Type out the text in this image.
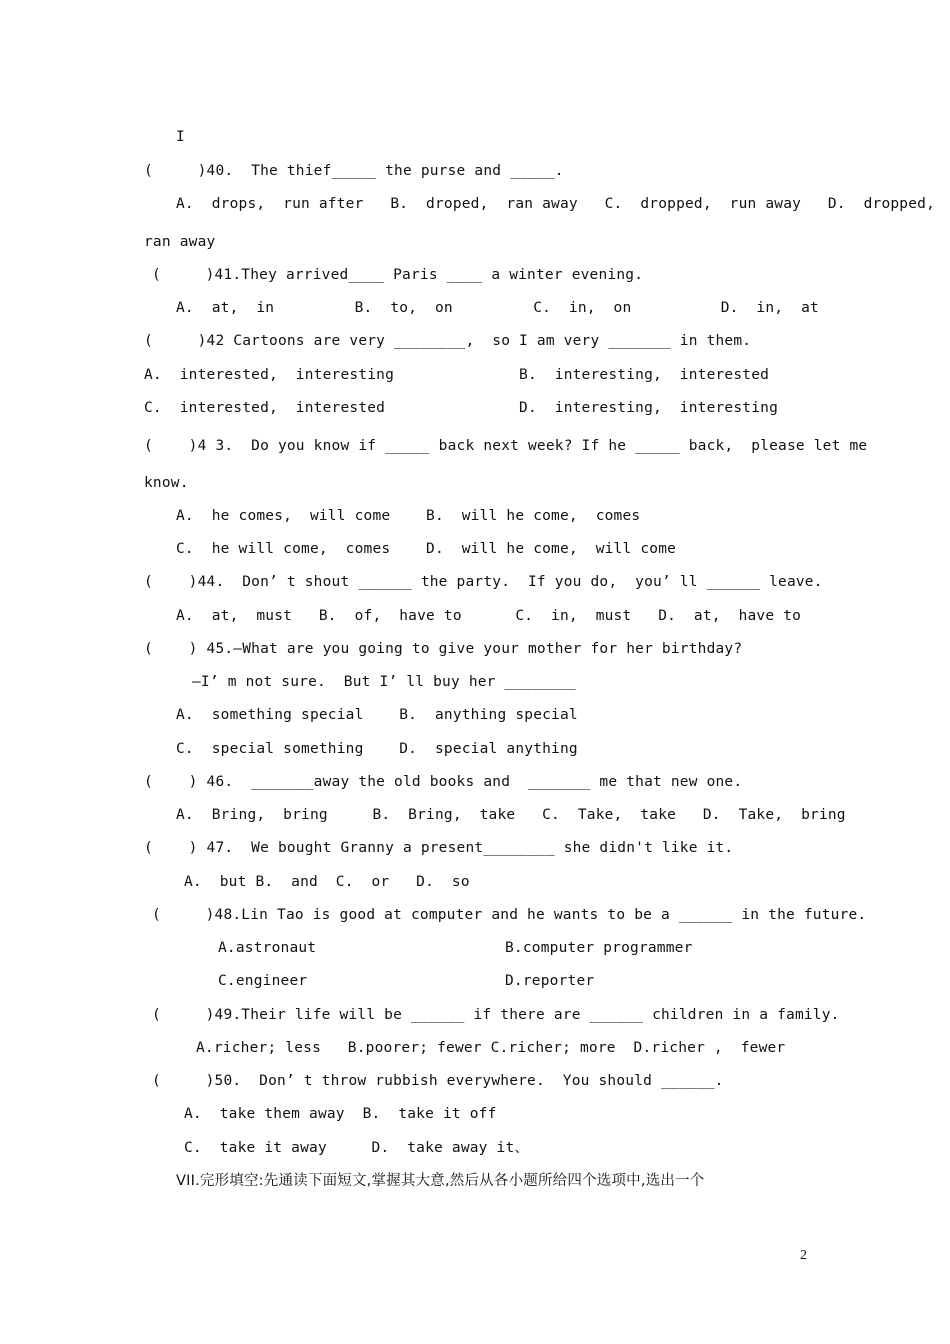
I
(     )40.  The thief_____ the purse and _____.
A.  drops,  run after   B.  droped,  ran away   C.  dropped,  run away   D.  dropped,
ran away
(     )41.They arrived____ Paris ____ a winter evening.
A.  at,  in         B.  to,  on         C.  in,  on          D.  in,  at
(     )42 Cartoons are very ________,  so I am very _______ in them.
A.  interested,  interesting              B.  interesting,  interested
C.  interested,  interested               D.  interesting,  interesting
(    )4 3.  Do you know if _____ back next week? If he _____ back,  please let me
know.
A.  he comes,  will come    B.  will he come,  comes
C.  he will come,  comes    D.  will he come,  will come
(    )44.  Don’ t shout ______ the party.  If you do,  you’ ll ______ leave.
A.  at,  must   B.  of,  have to      C.  in,  must   D.  at,  have to
(    ) 45.—What are you going to give your mother for her birthday?
—I’ m not sure.  But I’ ll buy her ________
A.  something special    B.  anything special
C.  special something    D.  special anything
(    ) 46.  _______away the old books and  _______ me that new one.
A.  Bring,  bring     B.  Bring,  take   C.  Take,  take   D.  Take,  bring
(    ) 47.  We bought Granny a present________ she didn't like it.
A.  but B.  and  C.  or   D.  so
(     )48.Lin Tao is good at computer and he wants to be a ______ in the future.
A.astronaut	B.computer programmer
C.engineer	D.reporter
(     )49.Their life will be ______ if there are ______ children in a family.
A.richer; less   B.poorer; fewer C.richer; more  D.richer ,  fewer
(     )50.  Don’ t throw rubbish everywhere.  You should ______.
A.  take them away  B.  take it off
C.  take it away     D.  take away it、
VII.完形填空:先通读下面短文,掌握其大意,然后从各小题所给四个选项中,选出一个
2
